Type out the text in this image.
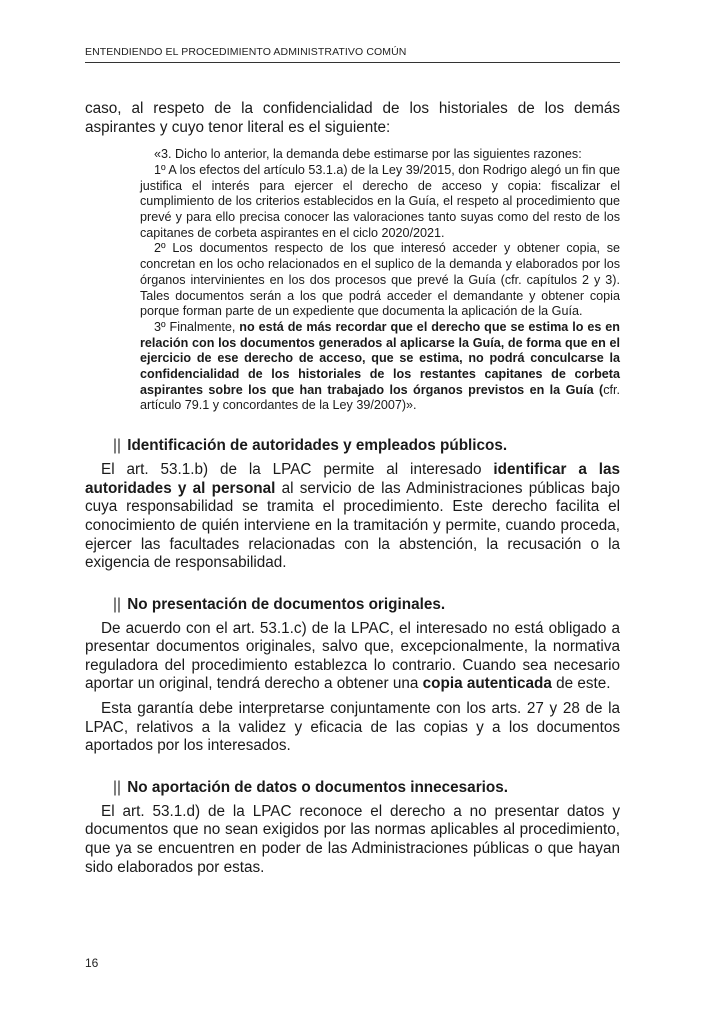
ENTENDIENDO EL PROCEDIMIENTO ADMINISTRATIVO COMÚN

caso, al respeto de la confidencialidad de los historiales de los demás aspirantes y cuyo tenor literal es el siguiente:

«3. Dicho lo anterior, la demanda debe estimarse por las siguientes razones:

1º A los efectos del artículo 53.1.a) de la Ley 39/2015, don Rodrigo alegó un fin que justifica el interés para ejercer el derecho de acceso y copia: fiscalizar el cumplimiento de los criterios establecidos en la Guía, el respeto al procedimiento que prevé y para ello precisa conocer las valoraciones tanto suyas como del resto de los capitanes de corbeta aspirantes en el ciclo 2020/2021.

2º Los documentos respecto de los que interesó acceder y obtener copia, se concretan en los ocho relacionados en el suplico de la demanda y elaborados por los órganos intervinientes en los dos procesos que prevé la Guía (cfr. capítulos 2 y 3). Tales documentos serán a los que podrá acceder el demandante y obtener copia porque forman parte de un expediente que documenta la aplicación de la Guía.

3º Finalmente, no está de más recordar que el derecho que se estima lo es en relación con los documentos generados al aplicarse la Guía, de forma que en el ejercicio de ese derecho de acceso, que se estima, no podrá conculcarse la confidencialidad de los historiales de los restantes capitanes de corbeta aspirantes sobre los que han trabajado los órganos previstos en la Guía (cfr. artículo 79.1 y concordantes de la Ley 39/2007)».

|| Identificación de autoridades y empleados públicos.

El art. 53.1.b) de la LPAC permite al interesado identificar a las autoridades y al personal al servicio de las Administraciones públicas bajo cuya responsabilidad se tramita el procedimiento. Este derecho facilita el conocimiento de quién interviene en la tramitación y permite, cuando proceda, ejercer las facultades relacionadas con la abstención, la recusación o la exigencia de responsabilidad.

|| No presentación de documentos originales.

De acuerdo con el art. 53.1.c) de la LPAC, el interesado no está obligado a presentar documentos originales, salvo que, excepcionalmente, la normativa reguladora del procedimiento establezca lo contrario. Cuando sea necesario aportar un original, tendrá derecho a obtener una copia autenticada de este.

Esta garantía debe interpretarse conjuntamente con los arts. 27 y 28 de la LPAC, relativos a la validez y eficacia de las copias y a los documentos aportados por los interesados.

|| No aportación de datos o documentos innecesarios.

El art. 53.1.d) de la LPAC reconoce el derecho a no presentar datos y documentos que no sean exigidos por las normas aplicables al procedimiento, que ya se encuentren en poder de las Administraciones públicas o que hayan sido elaborados por estas.

16
